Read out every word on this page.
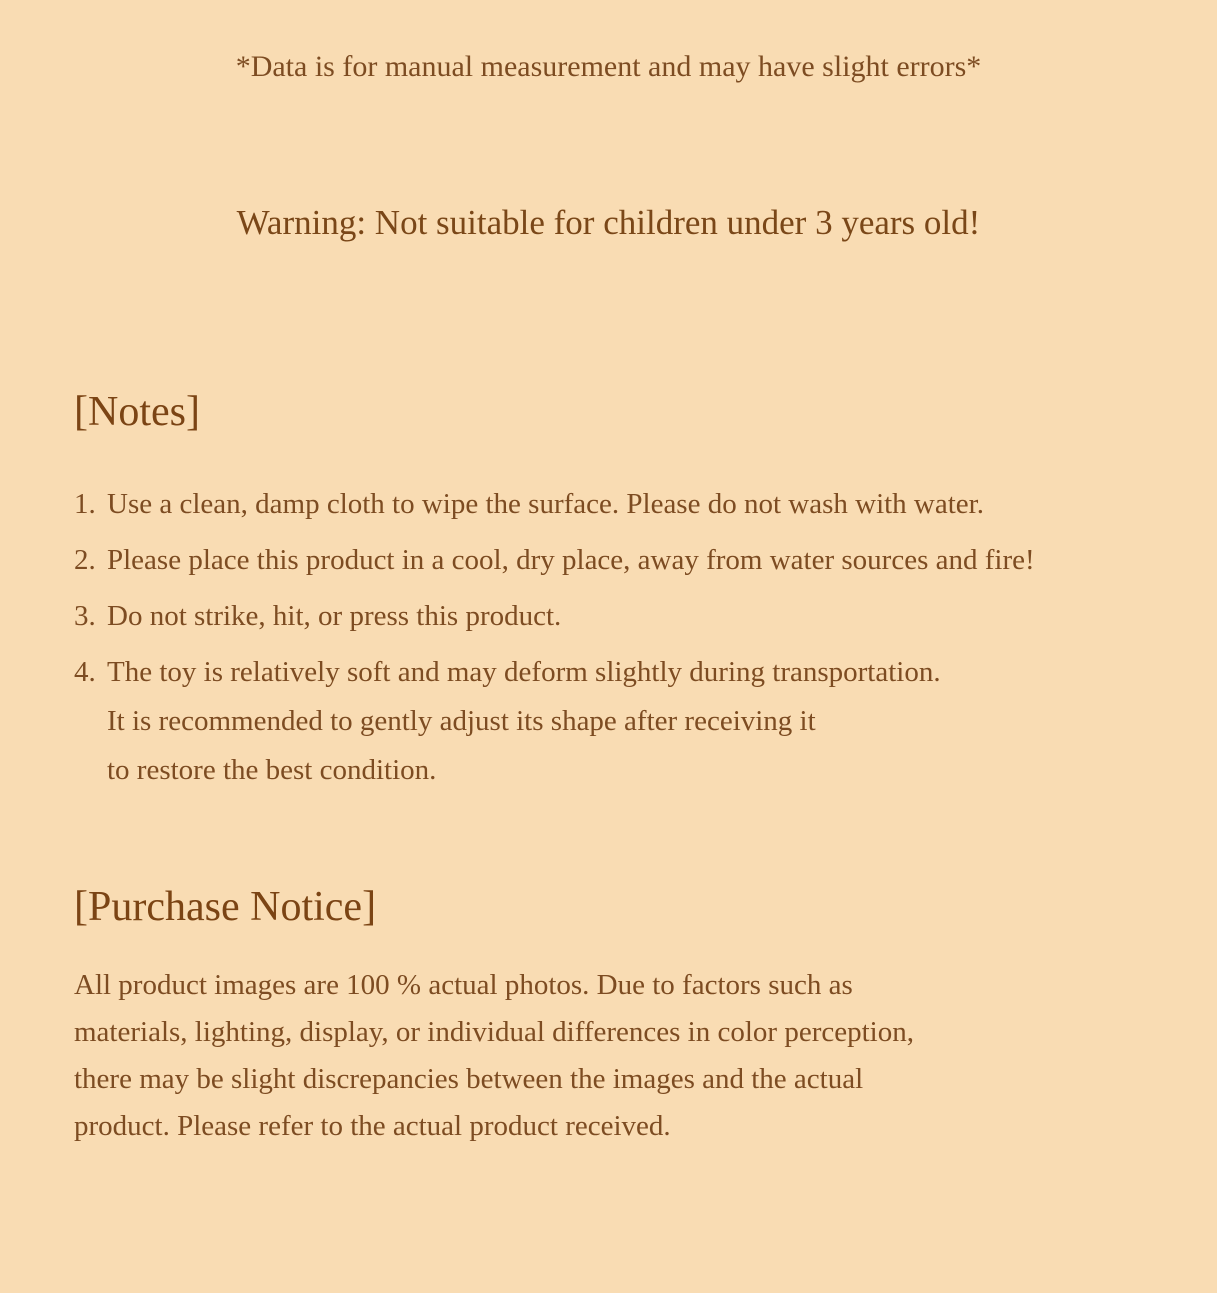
*Data is for manual measurement and may have slight errors*
Warning: Not suitable for children under 3 years old!
[Notes]
1. Use a clean, damp cloth to wipe the surface. Please do not wash with water.
2. Please place this product in a cool, dry place, away from water sources and fire!
3. Do not strike, hit, or press this product.
4. The toy is relatively soft and may deform slightly during transportation.
It is recommended to gently adjust its shape after receiving it
to restore the best condition.
[Purchase Notice]
All product images are 100 % actual photos. Due to factors such as
materials, lighting, display, or individual differences in color perception,
there may be slight discrepancies between the images and the actual
product. Please refer to the actual product received.
